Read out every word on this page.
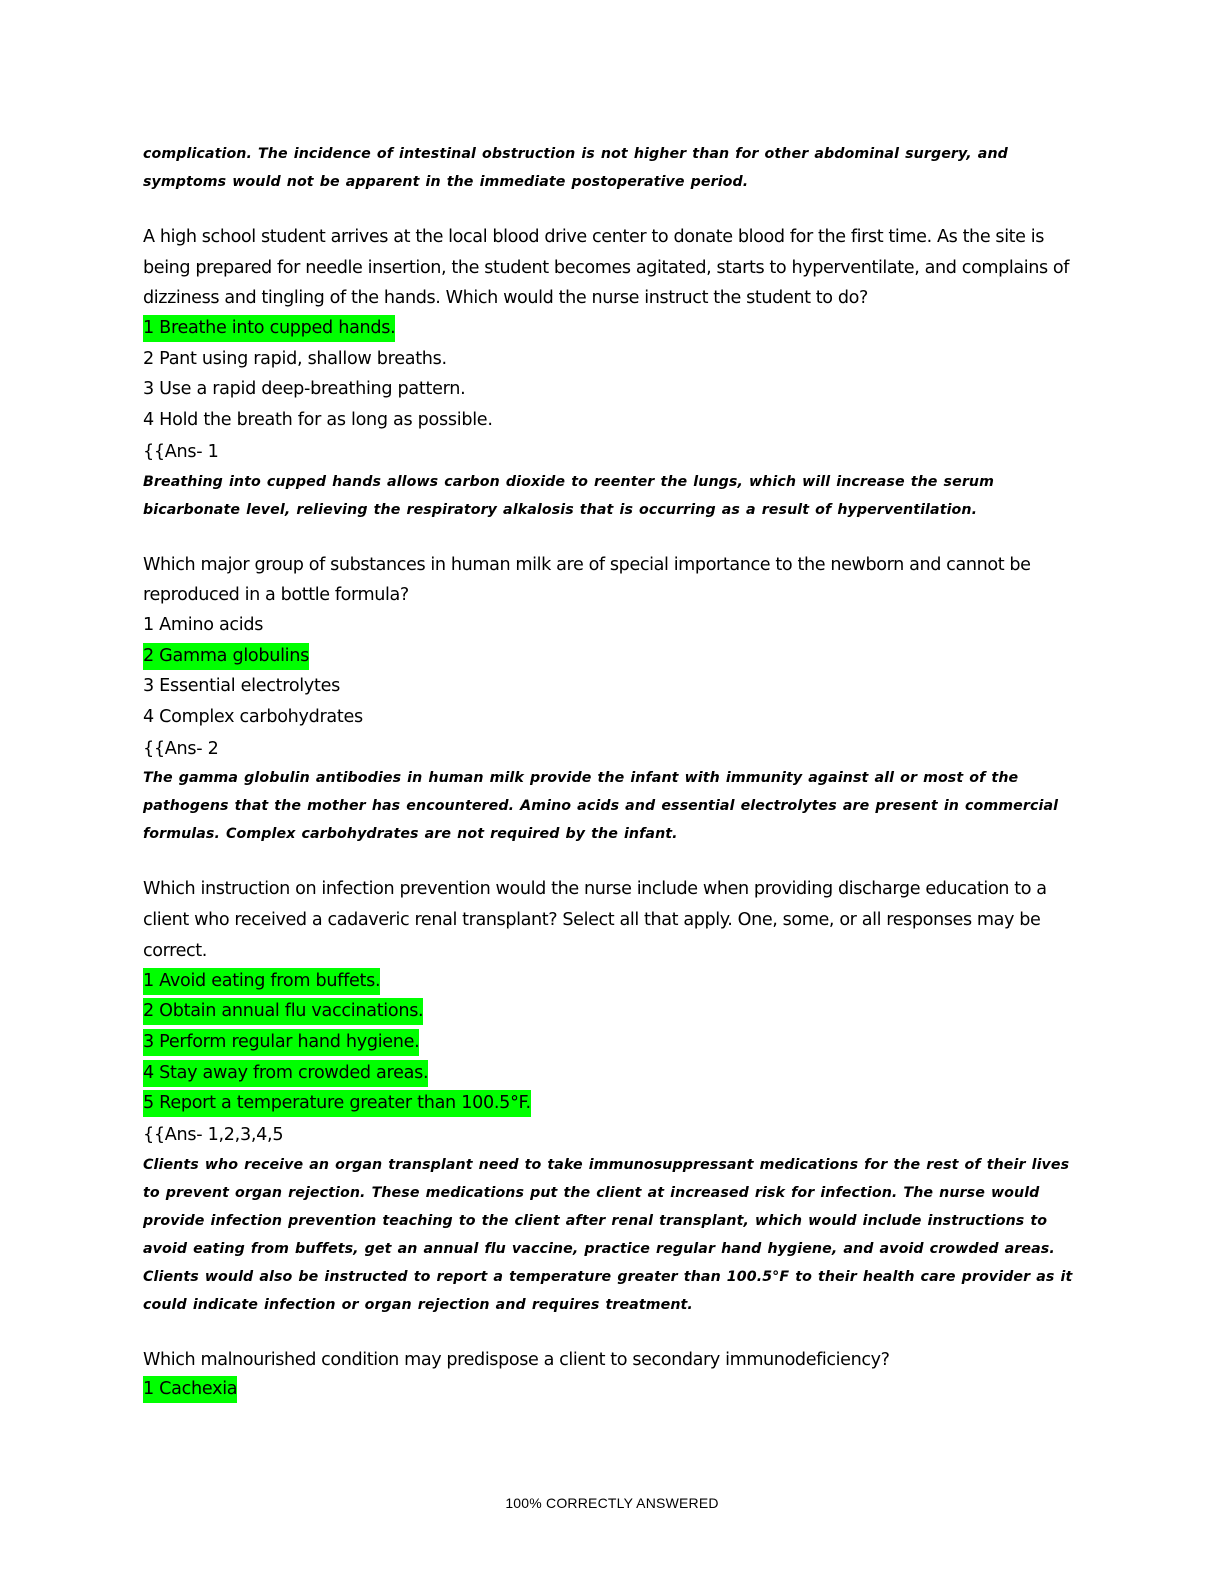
complication. The incidence of intestinal obstruction is not higher than for other abdominal surgery, and symptoms would not be apparent in the immediate postoperative period.

A high school student arrives at the local blood drive center to donate blood for the first time. As the site is being prepared for needle insertion, the student becomes agitated, starts to hyperventilate, and complains of dizziness and tingling of the hands. Which would the nurse instruct the student to do?

1 Breathe into cupped hands.
2 Pant using rapid, shallow breaths.
3 Use a rapid deep-breathing pattern.
4 Hold the breath for as long as possible.
{{Ans- 1

Breathing into cupped hands allows carbon dioxide to reenter the lungs, which will increase the serum bicarbonate level, relieving the respiratory alkalosis that is occurring as a result of hyperventilation.

Which major group of substances in human milk are of special importance to the newborn and cannot be reproduced in a bottle formula?

1 Amino acids
2 Gamma globulins
3 Essential electrolytes
4 Complex carbohydrates
{{Ans- 2

The gamma globulin antibodies in human milk provide the infant with immunity against all or most of the pathogens that the mother has encountered. Amino acids and essential electrolytes are present in commercial formulas. Complex carbohydrates are not required by the infant.

Which instruction on infection prevention would the nurse include when providing discharge education to a client who received a cadaveric renal transplant? Select all that apply. One, some, or all responses may be correct.

1 Avoid eating from buffets.
2 Obtain annual flu vaccinations.
3 Perform regular hand hygiene.
4 Stay away from crowded areas.
5 Report a temperature greater than 100.5°F.
{{Ans- 1,2,3,4,5

Clients who receive an organ transplant need to take immunosuppressant medications for the rest of their lives to prevent organ rejection. These medications put the client at increased risk for infection. The nurse would provide infection prevention teaching to the client after renal transplant, which would include instructions to avoid eating from buffets, get an annual flu vaccine, practice regular hand hygiene, and avoid crowded areas. Clients would also be instructed to report a temperature greater than 100.5°F to their health care provider as it could indicate infection or organ rejection and requires treatment.

Which malnourished condition may predispose a client to secondary immunodeficiency?

1 Cachexia
100% CORRECTLY ANSWERED
